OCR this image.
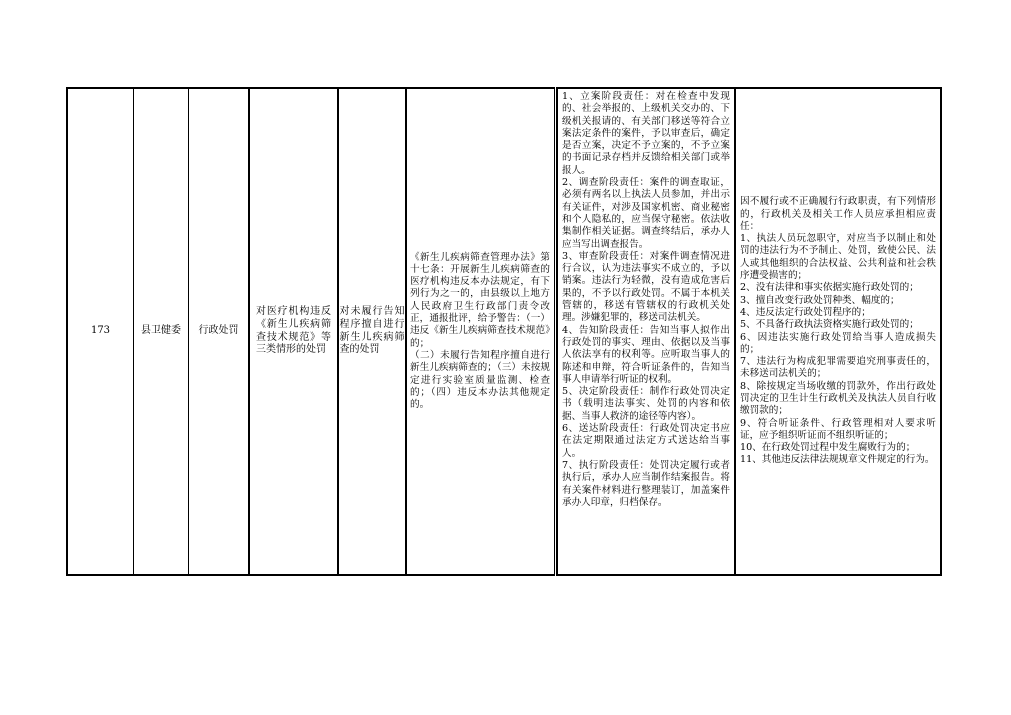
173	县卫健委 行政处罚
对医疗机构违反《新生儿疾病筛查技术规范》等三类情形的处罚
对未履行告知程序擅自进行新生儿疾病筛查的处罚
《新生儿疾病筛查管理办法》第十七条：开展新生儿疾病筛查的医疗机构违反本办法规定，有下列行为之一的，由县级以上地方人民政府卫生行政部门责令改正，通报批评，给予警告：（一）违反《新生儿疾病筛查技术规范》的；
（二）未履行告知程序擅自进行新生儿疾病筛查的；（三）未按规定进行实验室质量监测、检查的；（四）违反本办法其他规定的。
1、立案阶段责任：对在检查中发现的、社会举报的、上级机关交办的、下级机关报请的、有关部门移送等符合立案法定条件的案件，予以审查后，确定是否立案，决定不予立案的，不予立案的书面记录存档并反馈给相关部门或举报人。
2、调查阶段责任：案件的调查取证，必须有两名以上执法人员参加，并出示有关证件，对涉及国家机密、商业秘密和个人隐私的，应当保守秘密。依法收集制作相关证据。调查终结后，承办人应当写出调查报告。
3、审查阶段责任：对案件调查情况进行合议，认为违法事实不成立的，予以销案。违法行为轻微，没有造成危害后果的，不予以行政处罚。不属于本机关管辖的，移送有管辖权的行政机关处理。涉嫌犯罪的，移送司法机关。
4、告知阶段责任：告知当事人拟作出行政处罚的事实、理由、依据以及当事人依法享有的权利等。应听取当事人的陈述和申辩，符合听证条件的，告知当事人申请举行听证的权利。
5、决定阶段责任：制作行政处罚决定书（载明违法事实、处罚的内容和依据、当事人救济的途径等内容）。
6、送达阶段责任：行政处罚决定书应在法定期限通过法定方式送达给当事人。
7、执行阶段责任：处罚决定履行或者执行后，承办人应当制作结案报告。将有关案件材料进行整理装订，加盖案件承办人印章，归档保存。
因不履行或不正确履行行政职责，有下列情形的，行政机关及相关工作人员应承担相应责任：
1、执法人员玩忽职守，对应当予以制止和处罚的违法行为不予制止、处罚，致使公民、法人或其他组织的合法权益、公共利益和社会秩序遭受损害的；
2、没有法律和事实依据实施行政处罚的；
3、擅自改变行政处罚种类、幅度的；
4、违反法定行政处罚程序的；
5、不具备行政执法资格实施行政处罚的；
6、因违法实施行政处罚给当事人造成损失的；
7、违法行为构成犯罪需要追究刑事责任的，未移送司法机关的；
8、除按规定当场收缴的罚款外，作出行政处罚决定的卫生计生行政机关及执法人员自行收缴罚款的；
9、符合听证条件、行政管理相对人要求听证，应予组织听证而不组织听证的；
10、在行政处罚过程中发生腐败行为的；
11、其他违反法律法规规章文件规定的行为。
